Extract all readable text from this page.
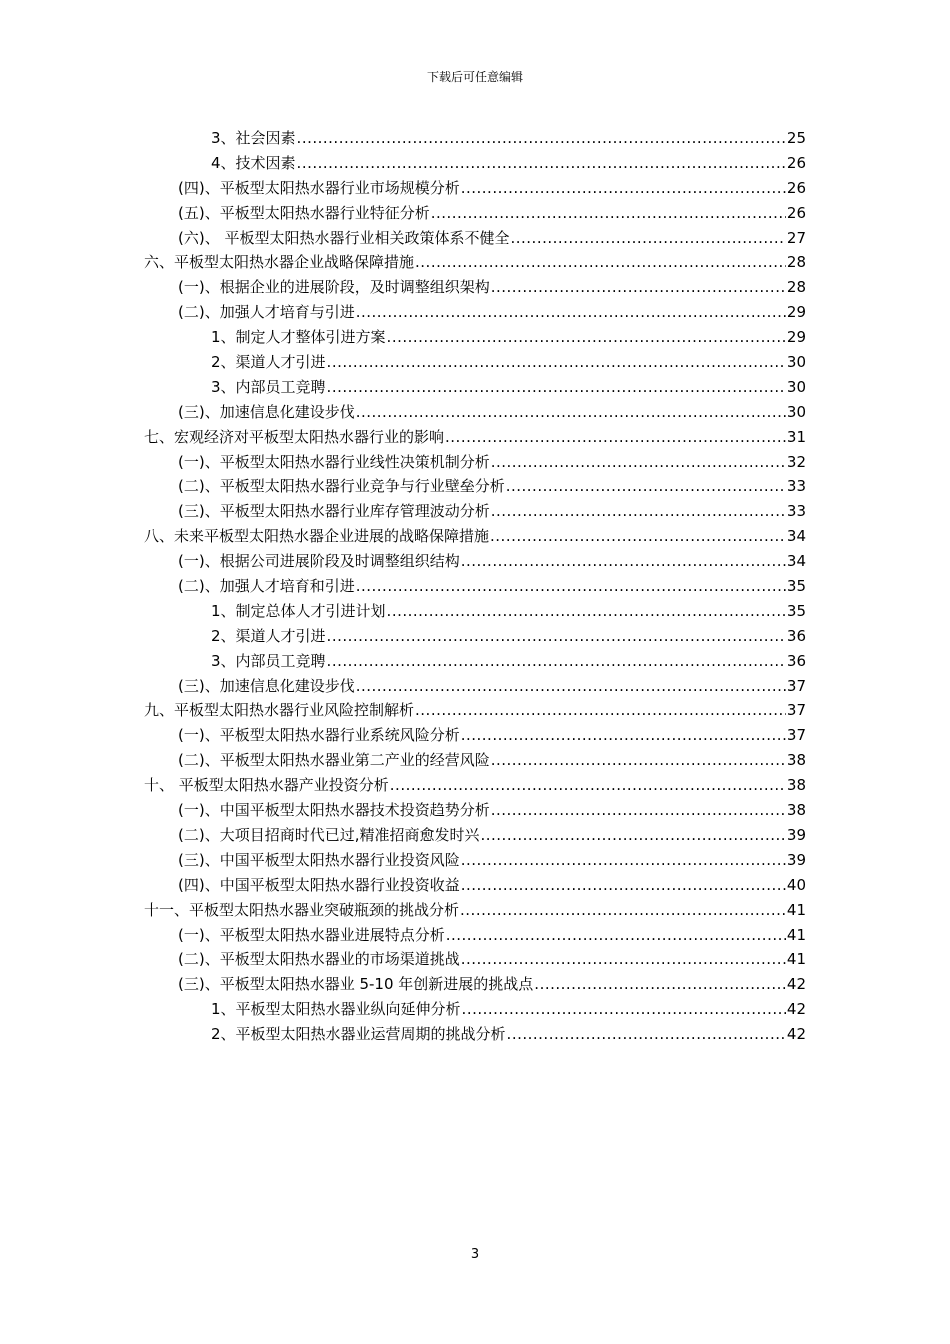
下载后可任意编辑
3、社会因素 .....	25
4、技术因素 .....	26
(四)、平板型太阳热水器行业市场规模分析 .....	26
(五)、平板型太阳热水器行业特征分析 .....	26
(六)、 平板型太阳热水器行业相关政策体系不健全 .....	27
六、平板型太阳热水器企业战略保障措施 .....	28
(一)、根据企业的进展阶段，及时调整组织架构 .....	28
(二)、加强人才培育与引进 .....	29
1、制定人才整体引进方案 .....	29
2、渠道人才引进 .....	30
3、内部员工竞聘 .....	30
(三)、加速信息化建设步伐 .....	30
七、宏观经济对平板型太阳热水器行业的影响 .....	31
(一)、平板型太阳热水器行业线性决策机制分析 .....	32
(二)、平板型太阳热水器行业竞争与行业壁垒分析 .....	33
(三)、平板型太阳热水器行业库存管理波动分析 .....	33
八、未来平板型太阳热水器企业进展的战略保障措施 .....	34
(一)、根据公司进展阶段及时调整组织结构 .....	34
(二)、加强人才培育和引进 .....	35
1、制定总体人才引进计划 .....	35
2、渠道人才引进 .....	36
3、内部员工竞聘 .....	36
(三)、加速信息化建设步伐 .....	37
九、平板型太阳热水器行业风险控制解析 .....	37
(一)、平板型太阳热水器行业系统风险分析 .....	37
(二)、平板型太阳热水器业第二产业的经营风险 .....	38
十、 平板型太阳热水器产业投资分析 .....	38
(一)、中国平板型太阳热水器技术投资趋势分析 .....	38
(二)、大项目招商时代已过,精准招商愈发时兴 .....	39
(三)、中国平板型太阳热水器行业投资风险 .....	39
(四)、中国平板型太阳热水器行业投资收益 .....	40
十一、平板型太阳热水器业突破瓶颈的挑战分析 .....	41
(一)、平板型太阳热水器业进展特点分析 .....	41
(二)、平板型太阳热水器业的市场渠道挑战 .....	41
(三)、平板型太阳热水器业 5-10 年创新进展的挑战点 .....	42
1、平板型太阳热水器业纵向延伸分析 .....	42
2、平板型太阳热水器业运营周期的挑战分析 .....	42
3
